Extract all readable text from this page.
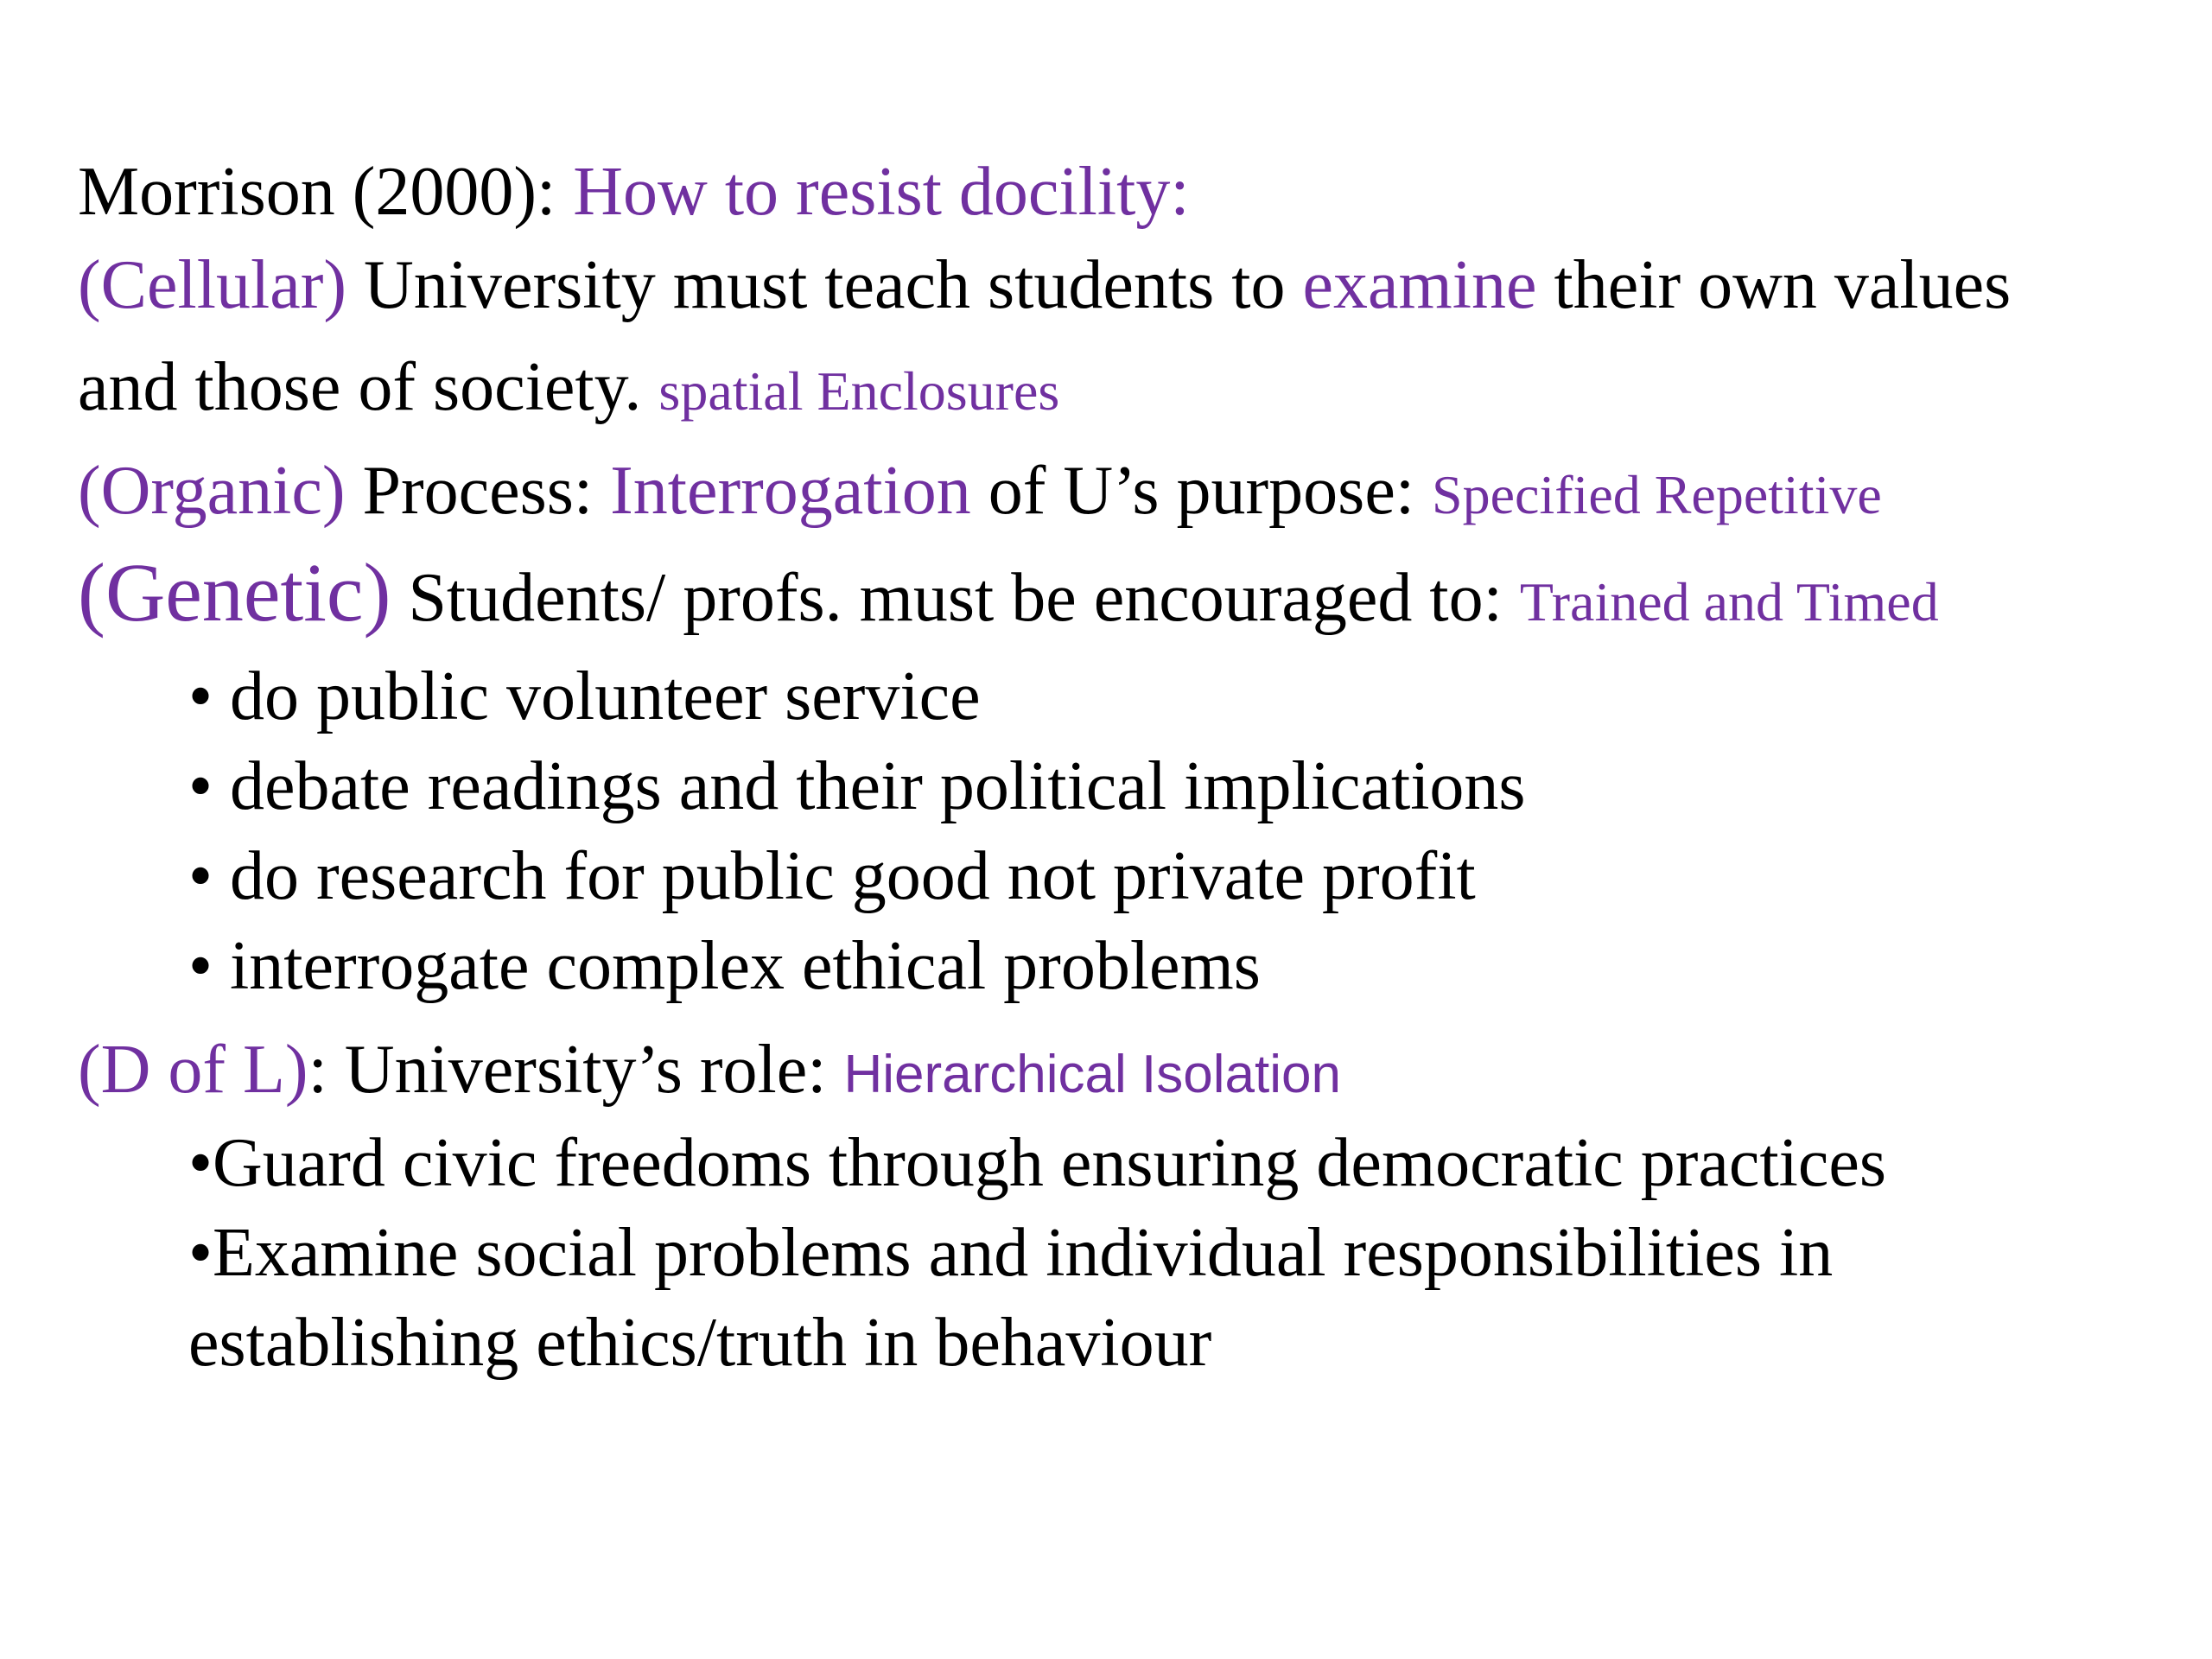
Morrison (2000): How to resist docility:
(Cellular) University must teach students to examine their own values
and those of society. spatial Enclosures
(Organic) Process: Interrogation of U’s purpose: Specified Repetitive
(Genetic) Students/ profs. must be encouraged to: Trained and Timed
• do public volunteer service
• debate readings and their political implications
• do research for public good not private profit
• interrogate complex ethical problems
(D of L): University’s role: Hierarchical Isolation
•Guard civic freedoms through ensuring democratic practices
•Examine social problems and individual responsibilities in
establishing ethics/truth in behaviour
